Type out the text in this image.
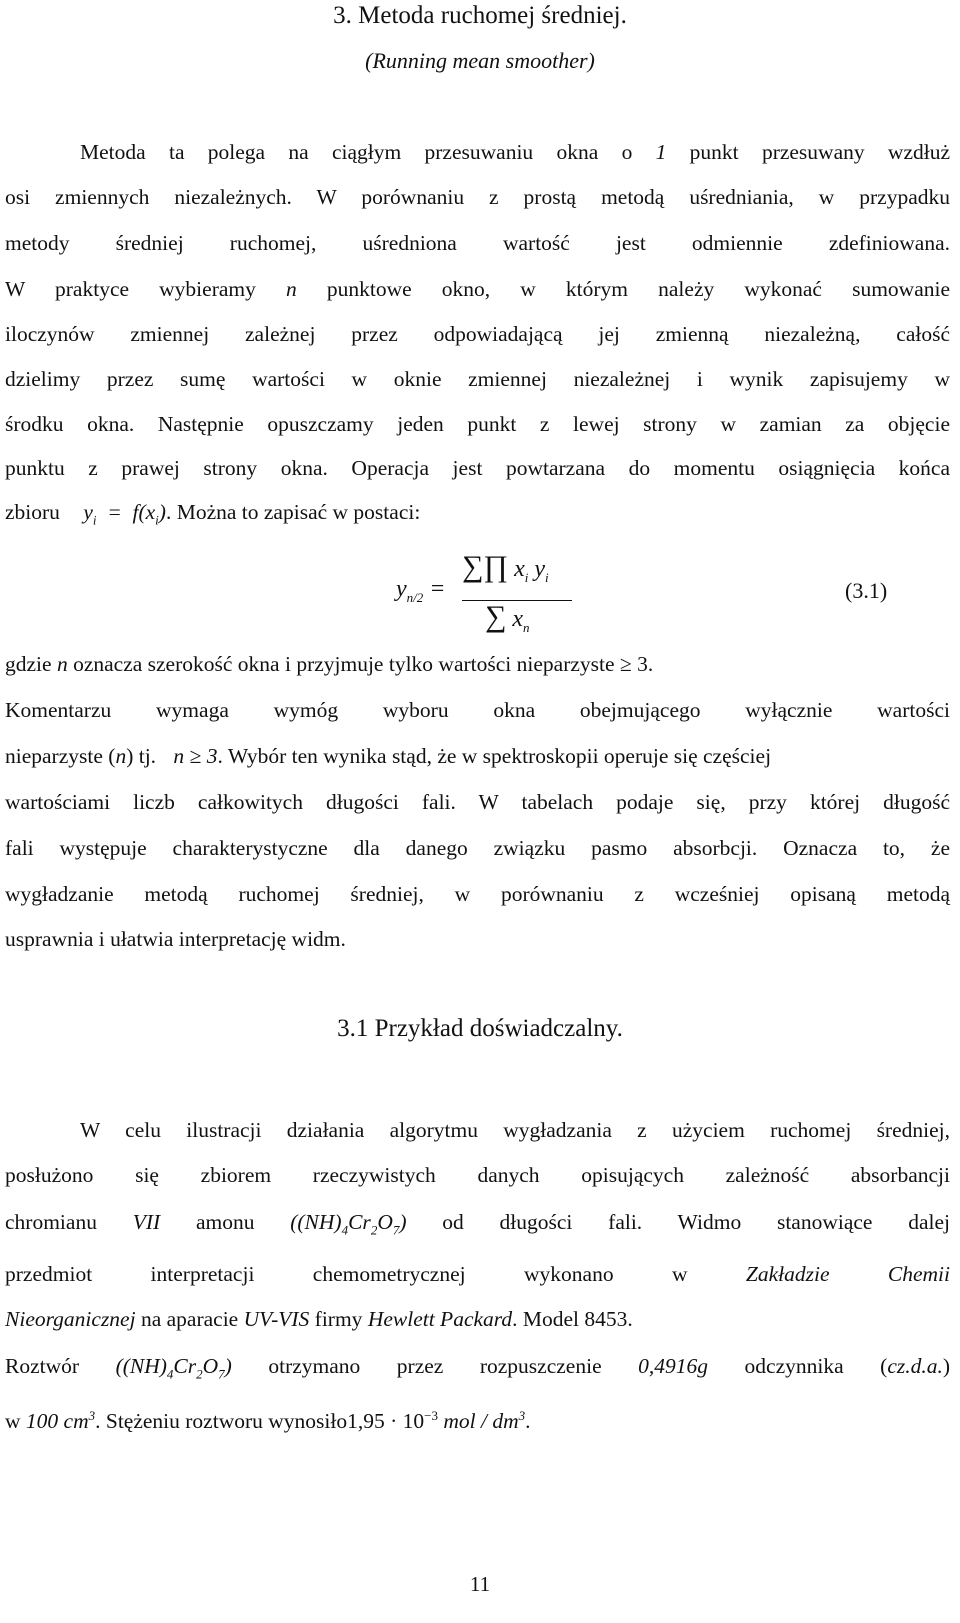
3. Metoda ruchomej średniej.
(Running mean smoother)
Metoda ta polega na ciągłym przesuwaniu okna o 1 punkt przesuwany wzdłuż
osi zmiennych niezależnych. W porównaniu z prostą metodą uśredniania, w przypadku
metody średniej ruchomej, uśredniona wartość jest odmiennie zdefiniowana.
W praktyce wybieramy n punktowe okno, w którym należy wykonać sumowanie
iloczynów zmiennej zależnej przez odpowiadającą jej zmienną niezależną, całość
dzielimy przez sumę wartości w oknie zmiennej niezależnej i wynik zapisujemy w
środku okna. Następnie opuszczamy jeden punkt z lewej strony w zamian za objęcie
punktu z prawej strony okna. Operacja jest powtarzana do momentu osiągnięcia końca
zbioru $y_i = f(x_i)$. Można to zapisać w postaci:
$y_{n/2}$ =
∑∏ $x_i$ $y_i$
∑ $x_n$
(3.1)
gdzie n oznacza szerokość okna i przyjmuje tylko wartości nieparzyste ≥ 3.
Komentarzu wymaga wymóg wyboru okna obejmującego wyłącznie wartości
nieparzyste (n) tj. n ≥ 3. Wybór ten wynika stąd, że w spektroskopii operuje się częściej
wartościami liczb całkowitych długości fali. W tabelach podaje się, przy której długość
fali występuje charakterystyczne dla danego związku pasmo absorbcji. Oznacza to, że
wygładzanie metodą ruchomej średniej, w porównaniu z wcześniej opisaną metodą
usprawnia i ułatwia interpretację widm.
3.1 Przykład doświadczalny.
W celu ilustracji działania algorytmu wygładzania z użyciem ruchomej średniej,
posłużono się zbiorem rzeczywistych danych opisujących zależność absorbancji
chromianu VII amonu $((NH)_4Cr_2O_7)$ od długości fali. Widmo stanowiące dalej
przedmiot interpretacji chemometrycznej wykonano w	Zakładzie Chemii
Nieorganicznej na aparacie UV-VIS firmy Hewlett Packard. Model 8453.
Roztwór $((NH)_4Cr_2O_7)$ otrzymano przez rozpuszczenie 0,4916g odczynnika (cz.d.a.)
w 100 $cm^3$. Stężeniu roztworu wynosiło1,95 · $10^{-3}$ mol / $dm^3$.
11
